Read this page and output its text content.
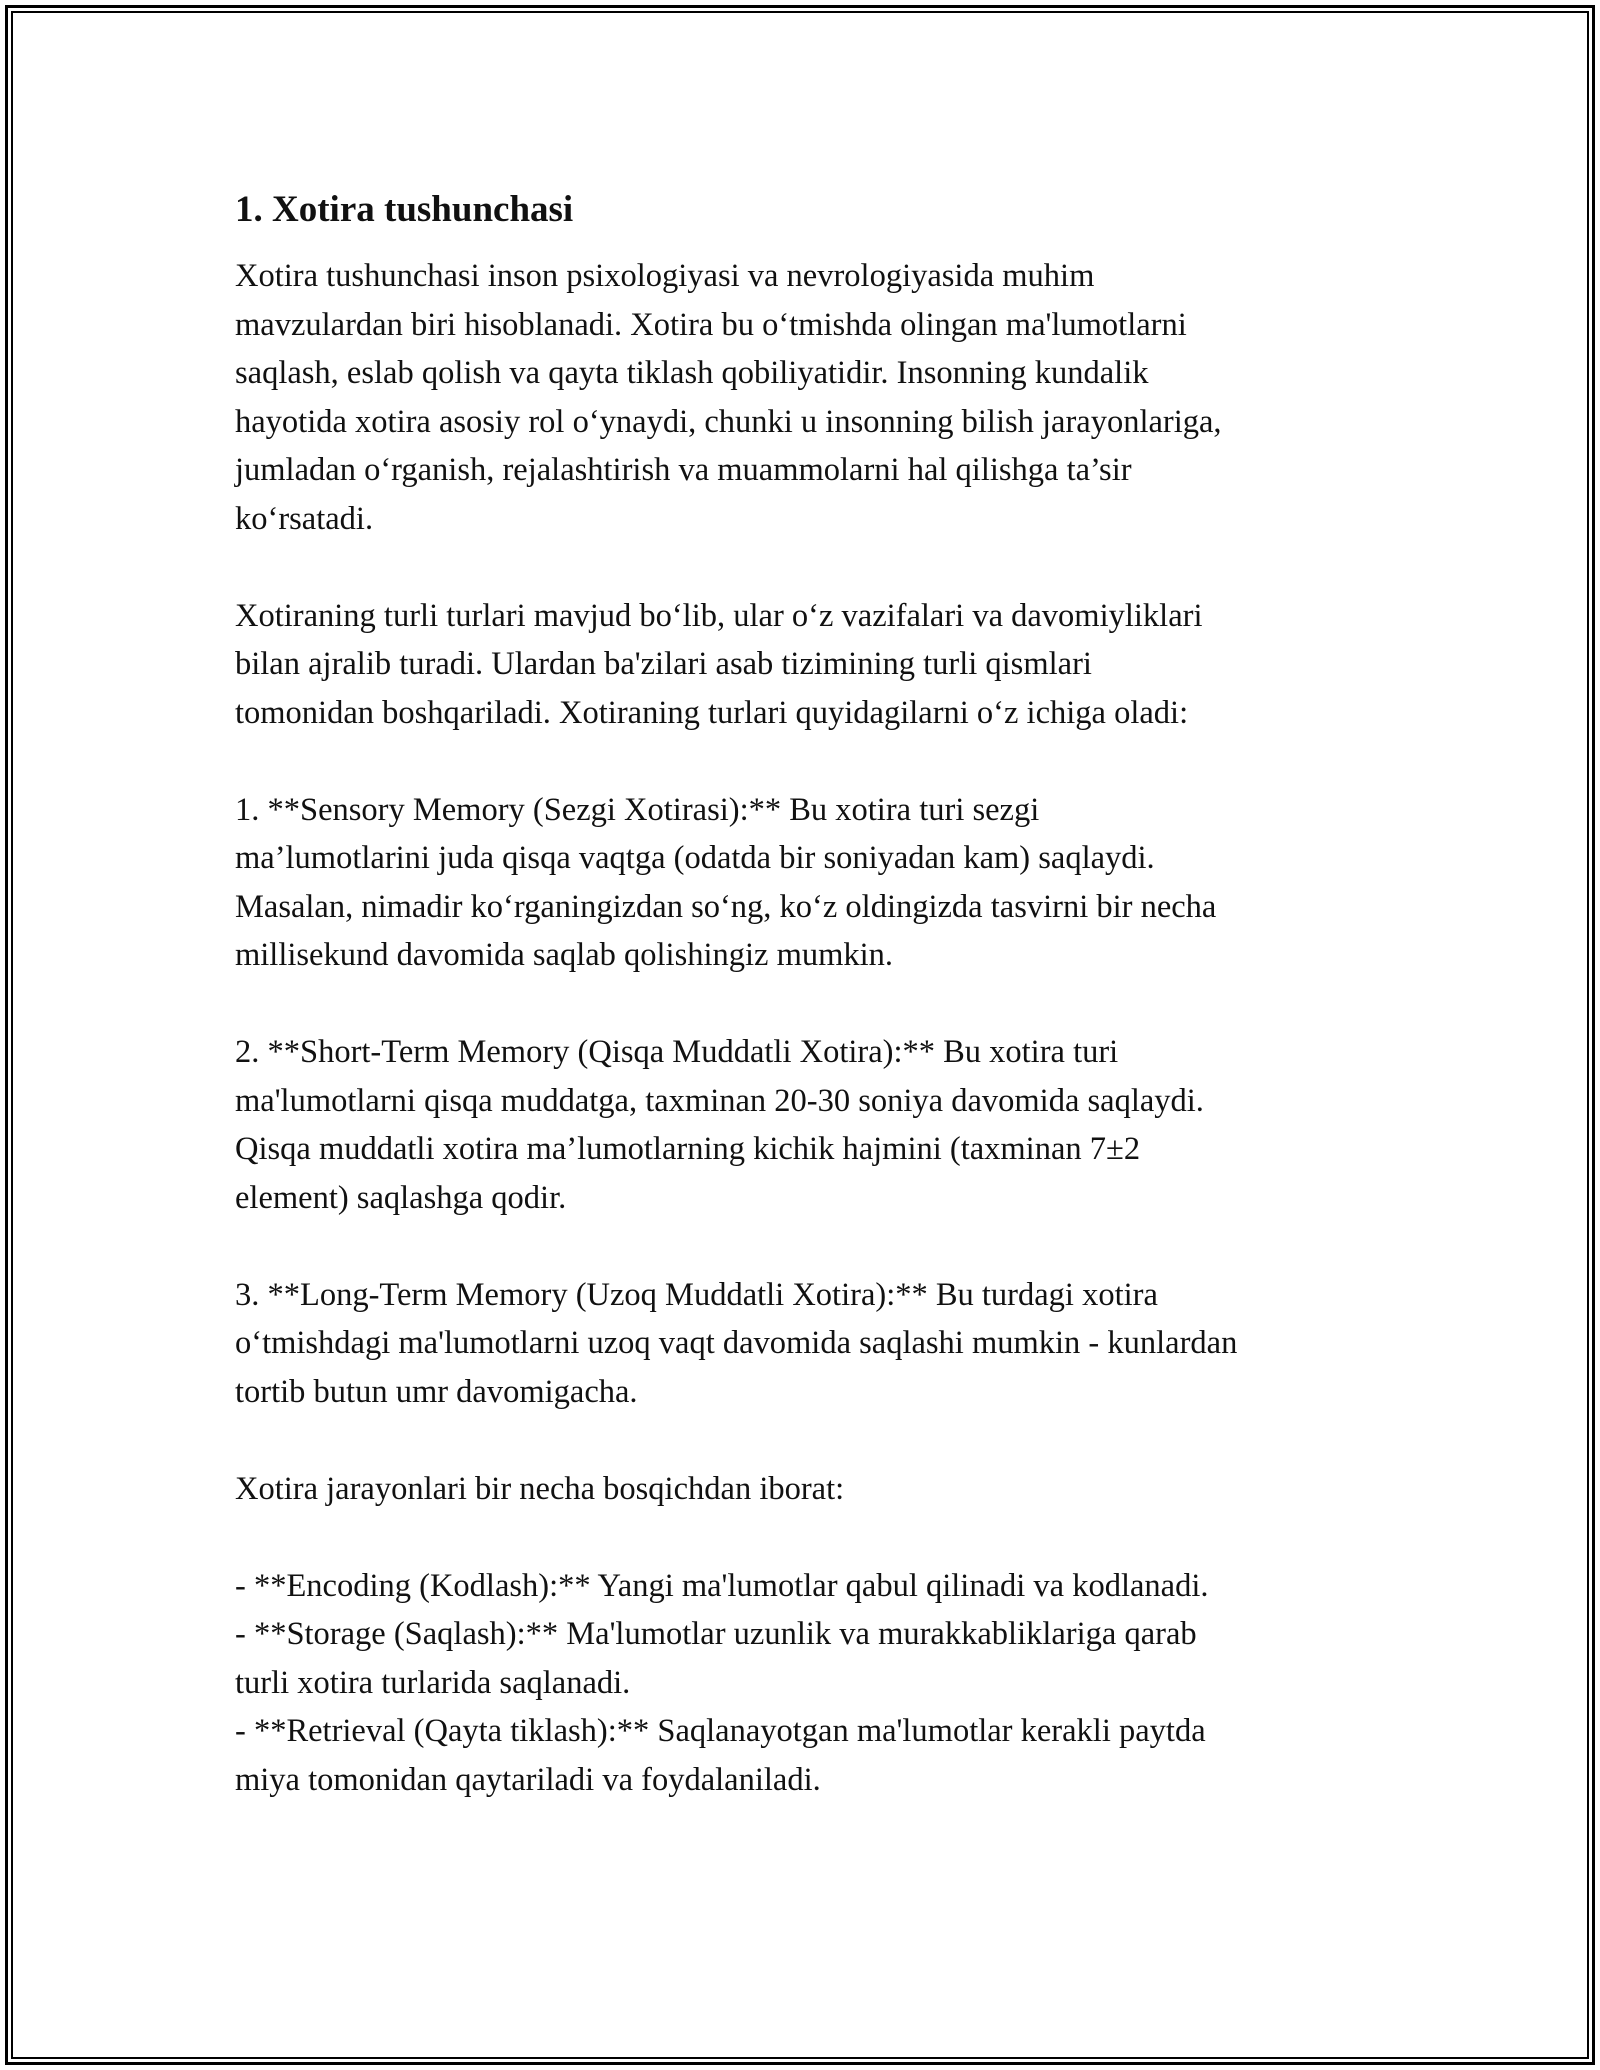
1. Xotira tushunchasi

Xotira tushunchasi inson psixologiyasi va nevrologiyasida muhim
mavzulardan biri hisoblanadi. Xotira bu o‘tmishda olingan ma'lumotlarni
saqlash, eslab qolish va qayta tiklash qobiliyatidir. Insonning kundalik
hayotida xotira asosiy rol o‘ynaydi, chunki u insonning bilish jarayonlariga,
jumladan o‘rganish, rejalashtirish va muammolarni hal qilishga ta’sir
ko‘rsatadi.

Xotiraning turli turlari mavjud bo‘lib, ular o‘z vazifalari va davomiyliklari
bilan ajralib turadi. Ulardan ba'zilari asab tizimining turli qismlari
tomonidan boshqariladi. Xotiraning turlari quyidagilarni o‘z ichiga oladi:

1. **Sensory Memory (Sezgi Xotirasi):** Bu xotira turi sezgi
ma’lumotlarini juda qisqa vaqtga (odatda bir soniyadan kam) saqlaydi.
Masalan, nimadir ko‘rganingizdan so‘ng, ko‘z oldingizda tasvirni bir necha
millisekund davomida saqlab qolishingiz mumkin.

2. **Short-Term Memory (Qisqa Muddatli Xotira):** Bu xotira turi
ma'lumotlarni qisqa muddatga, taxminan 20-30 soniya davomida saqlaydi.
Qisqa muddatli xotira ma’lumotlarning kichik hajmini (taxminan 7±2
element) saqlashga qodir.

3. **Long-Term Memory (Uzoq Muddatli Xotira):** Bu turdagi xotira
o‘tmishdagi ma'lumotlarni uzoq vaqt davomida saqlashi mumkin - kunlardan
tortib butun umr davomigacha.

Xotira jarayonlari bir necha bosqichdan iborat:

- **Encoding (Kodlash):** Yangi ma'lumotlar qabul qilinadi va kodlanadi.
- **Storage (Saqlash):** Ma'lumotlar uzunlik va murakkabliklariga qarab
turli xotira turlarida saqlanadi.
- **Retrieval (Qayta tiklash):** Saqlanayotgan ma'lumotlar kerakli paytda
miya tomonidan qaytariladi va foydalaniladi.
